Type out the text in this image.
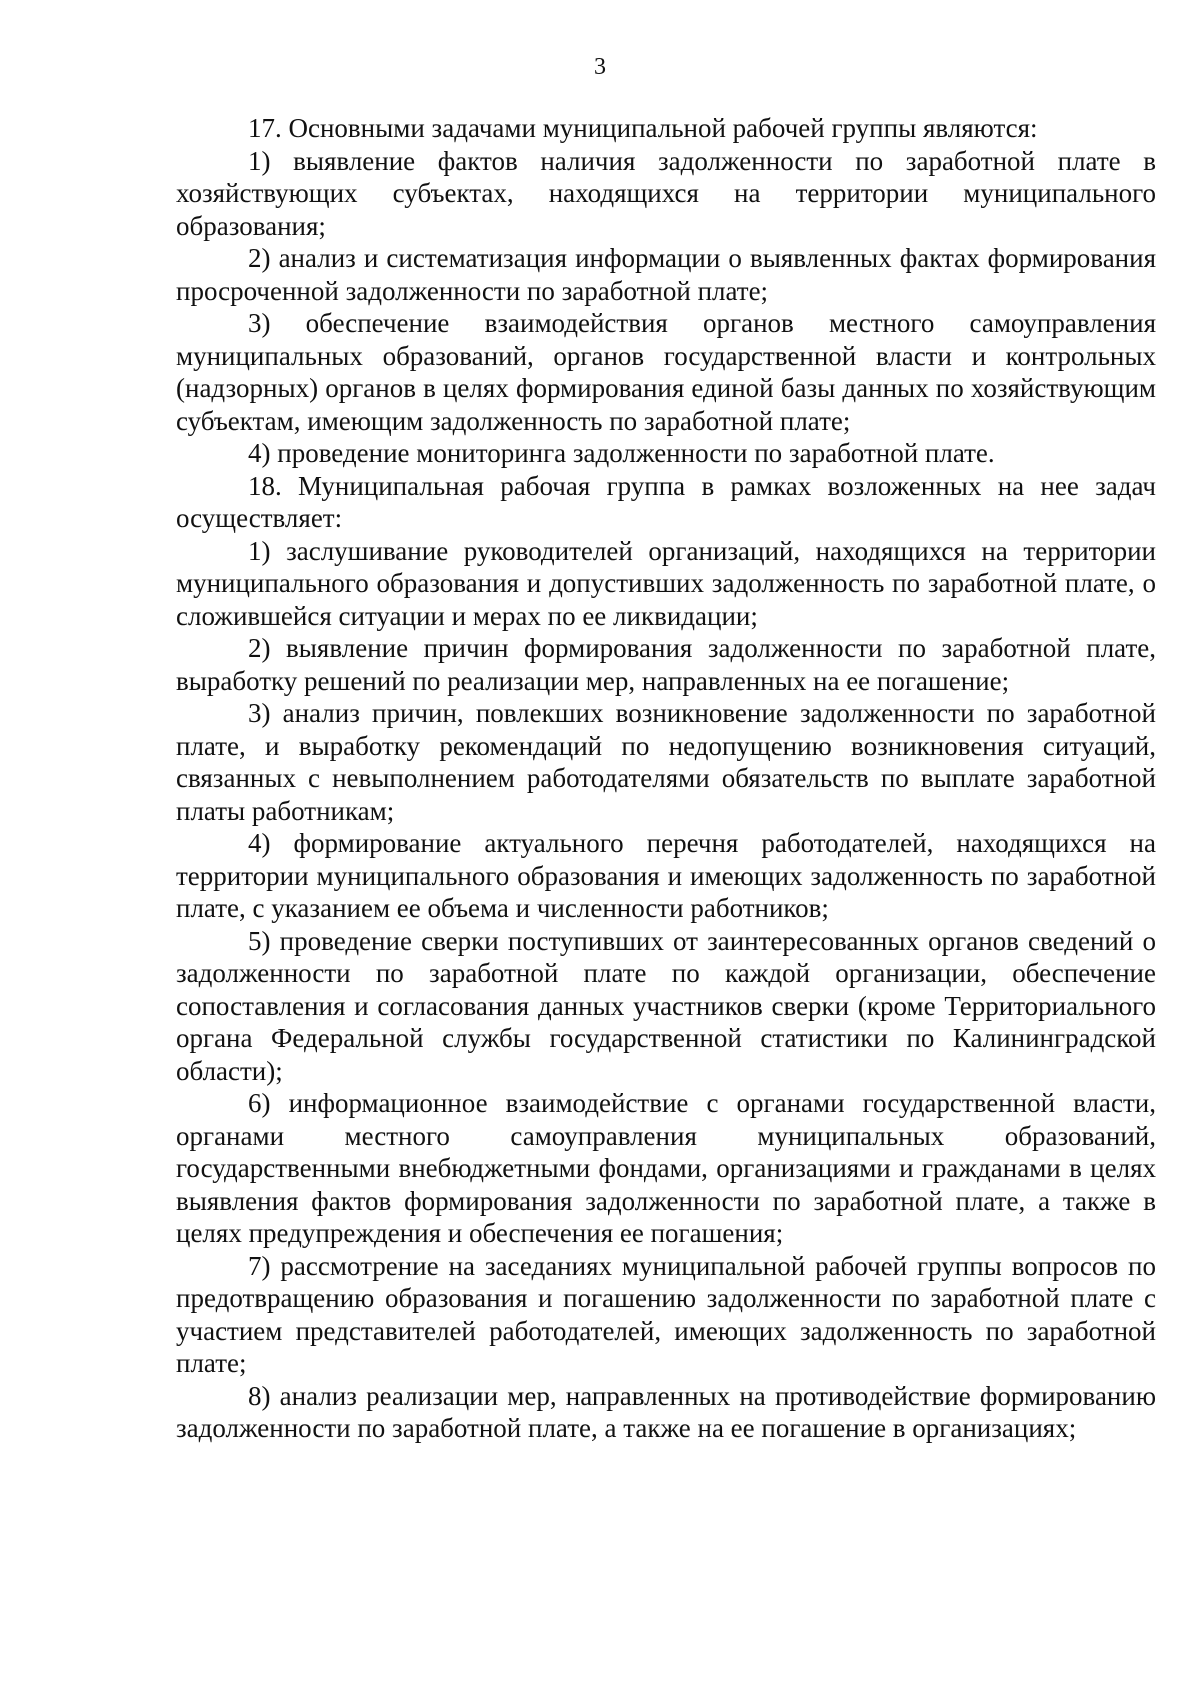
3

17. Основными задачами муниципальной рабочей группы являются:

1) выявление фактов наличия задолженности по заработной плате в хозяйствующих субъектах, находящихся на территории муниципального образования;

2) анализ и систематизация информации о выявленных фактах формирования просроченной задолженности по заработной плате;

3) обеспечение взаимодействия органов местного самоуправления муниципальных образований, органов государственной власти и контрольных (надзорных) органов в целях формирования единой базы данных по хозяйствующим субъектам, имеющим задолженность по заработной плате;

4) проведение мониторинга задолженности по заработной плате.

18. Муниципальная рабочая группа в рамках возложенных на нее задач осуществляет:

1) заслушивание руководителей организаций, находящихся на территории муниципального образования и допустивших задолженность по заработной плате, о сложившейся ситуации и мерах по ее ликвидации;

2) выявление причин формирования задолженности по заработной плате, выработку решений по реализации мер, направленных на ее погашение;

3) анализ причин, повлекших возникновение задолженности по заработной плате, и выработку рекомендаций по недопущению возникновения ситуаций, связанных с невыполнением работодателями обязательств по выплате заработной платы работникам;

4) формирование актуального перечня работодателей, находящихся на территории муниципального образования и имеющих задолженность по заработной плате, с указанием ее объема и численности работников;

5) проведение сверки поступивших от заинтересованных органов сведений о задолженности по заработной плате по каждой организации, обеспечение сопоставления и согласования данных участников сверки (кроме Территориального органа Федеральной службы государственной статистики по Калининградской области);

6) информационное взаимодействие с органами государственной власти, органами местного самоуправления муниципальных образований, государственными внебюджетными фондами, организациями и гражданами в целях выявления фактов формирования задолженности по заработной плате, а также в целях предупреждения и обеспечения ее погашения;

7) рассмотрение на заседаниях муниципальной рабочей группы вопросов по предотвращению образования и погашению задолженности по заработной плате с участием представителей работодателей, имеющих задолженность по заработной плате;

8) анализ реализации мер, направленных на противодействие формированию задолженности по заработной плате, а также на ее погашение в организациях;
